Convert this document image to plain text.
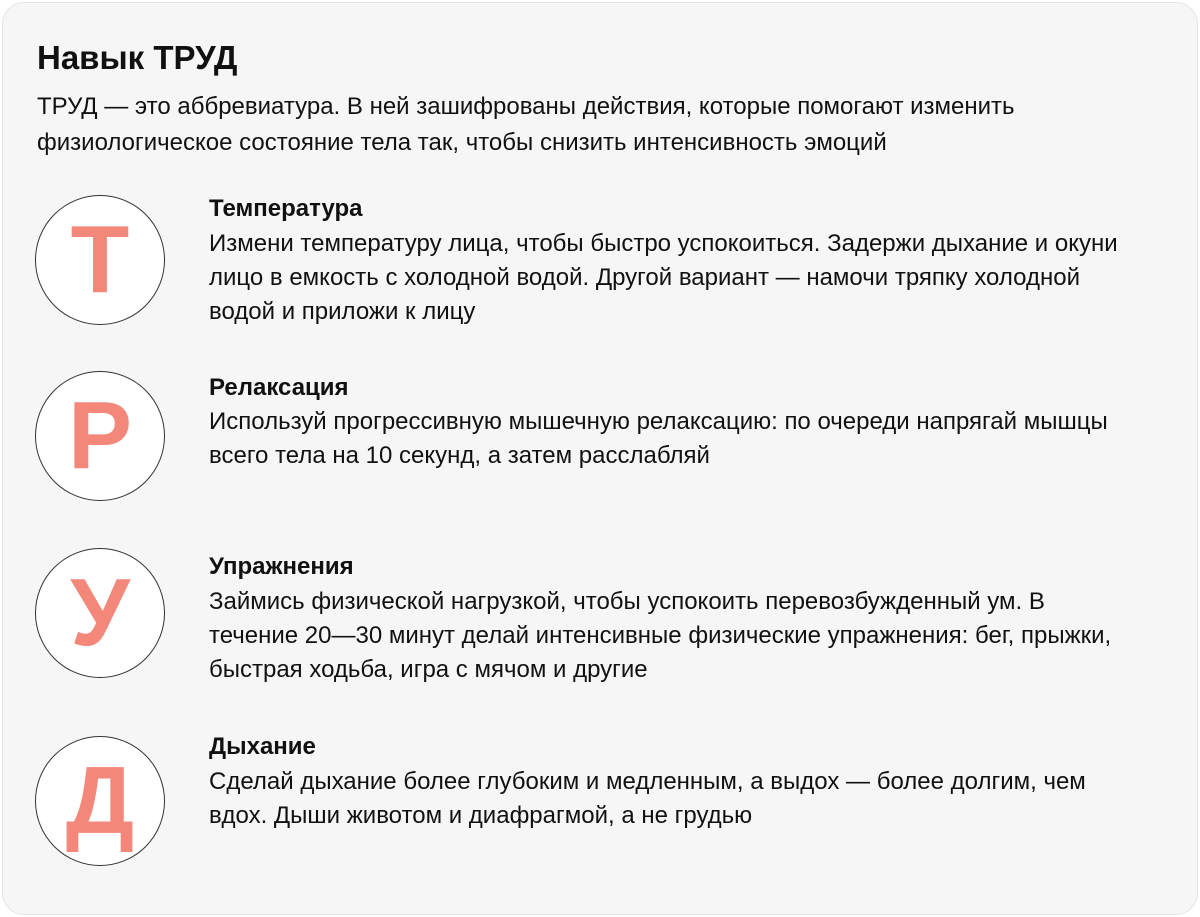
Навык ТРУД

ТРУД — это аббревиатура. В ней зашифрованы действия, которые помогают изменить физиологическое состояние тела так, чтобы снизить интенсивность эмоций

Т	Температура

Измени температуру лица, чтобы быстро успокоиться. Задержи дыхание и окуни лицо в емкость с холодной водой. Другой вариант — намочи тряпку холодной водой и приложи к лицу

Р	Релаксация

Используй прогрессивную мышечную релаксацию: по очереди напрягай мышцы всего тела на 10 секунд, а затем расслабляй

У	Упражнения

Займись физической нагрузкой, чтобы успокоить перевозбужденный ум. В течение 20—30 минут делай интенсивные физические упражнения: бег, прыжки, быстрая ходьба, игра с мячом и другие

Д
Дыхание

Сделай дыхание более глубоким и медленным, а выдох — более долгим, чем вдох. Дыши животом и диафрагмой, а не грудью
